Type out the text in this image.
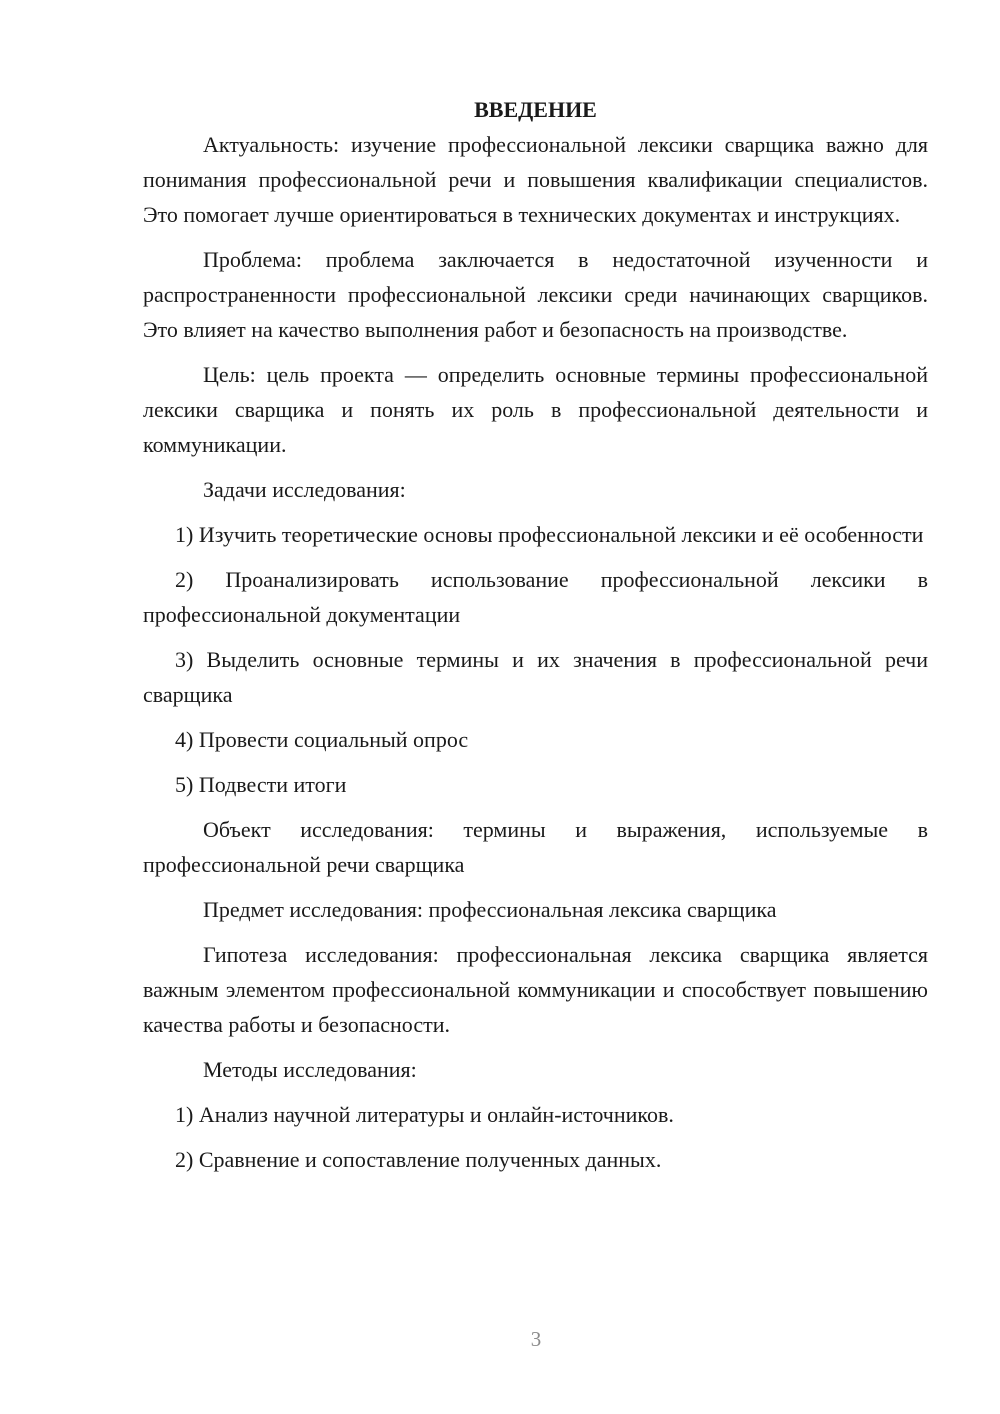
ВВЕДЕНИЕ

Актуальность: изучение профессиональной лексики сварщика важно для понимания профессиональной речи и повышения квалификации специалистов. Это помогает лучше ориентироваться в технических документах и инструкциях.

Проблема: проблема заключается в недостаточной изученности и распространенности профессиональной лексики среди начинающих сварщиков. Это влияет на качество выполнения работ и безопасность на производстве.

Цель: цель проекта — определить основные термины профессиональной лексики сварщика и понять их роль в профессиональной деятельности и коммуникации.

Задачи исследования:

1) Изучить теоретические основы профессиональной лексики и её особенности

2) Проанализировать использование профессиональной лексики в профессиональной документации

3) Выделить основные термины и их значения в профессиональной речи сварщика

4) Провести социальный опрос

5) Подвести итоги

Объект исследования: термины и выражения, используемые в профессиональной речи сварщика

Предмет исследования: профессиональная лексика сварщика

Гипотеза исследования: профессиональная лексика сварщика является важным элементом профессиональной коммуникации и способствует повышению качества работы и безопасности.

Методы исследования:

1) Анализ научной литературы и онлайн-источников.

2) Сравнение и сопоставление полученных данных.

3
